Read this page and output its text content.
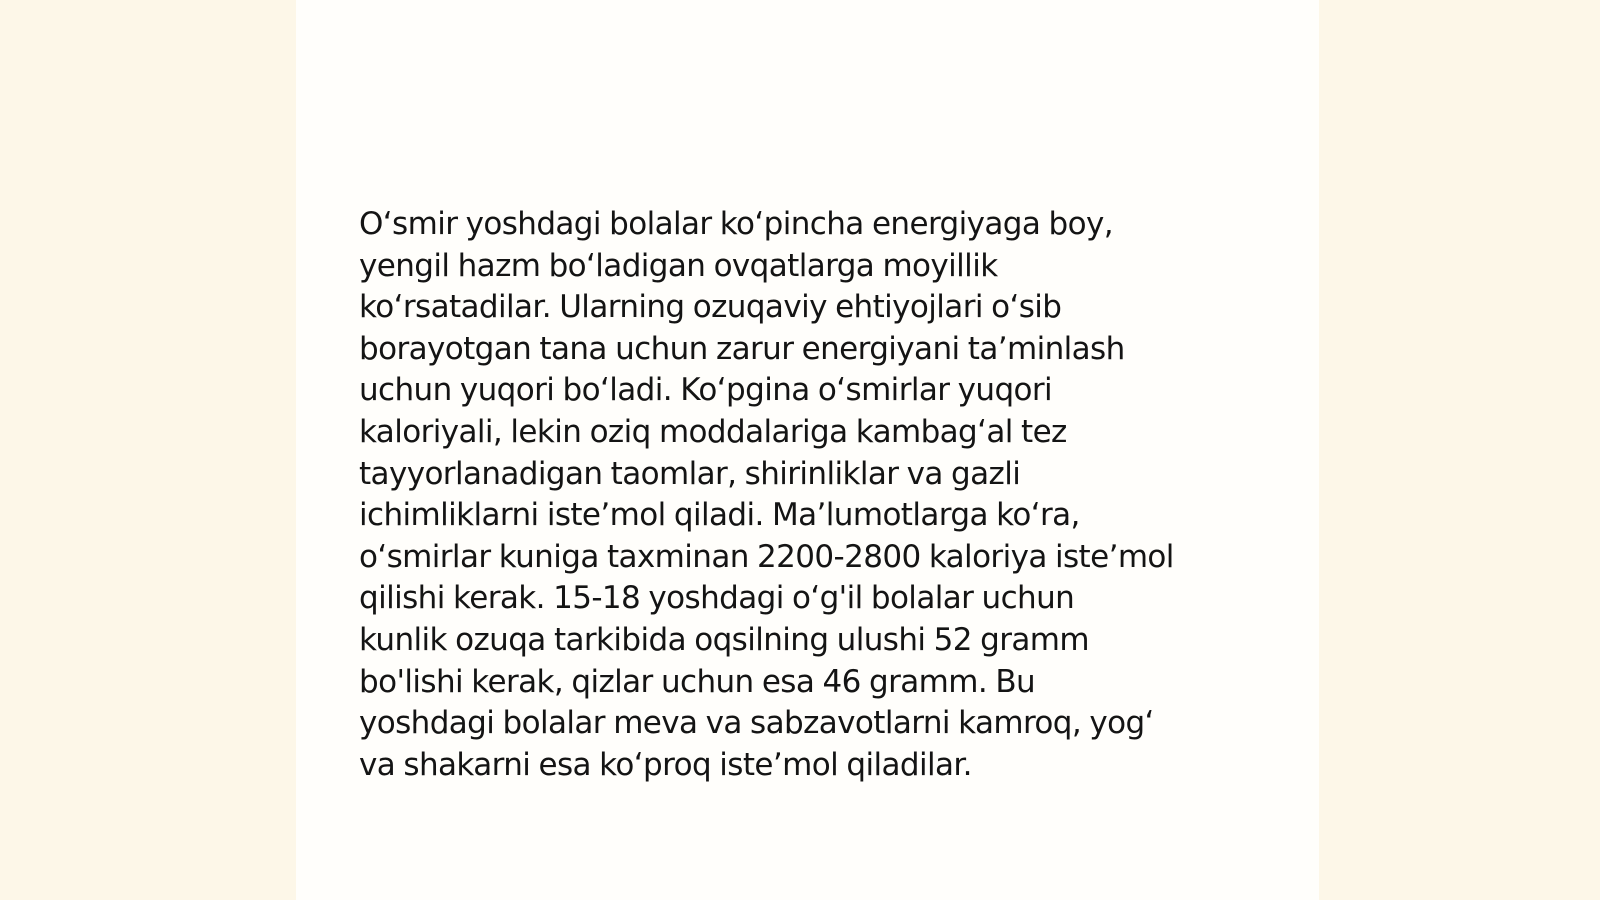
O‘smir yoshdagi bolalar ko‘pincha energiyaga boy,
yengil hazm bo‘ladigan ovqatlarga moyillik
ko‘rsatadilar. Ularning ozuqaviy ehtiyojlari o‘sib
borayotgan tana uchun zarur energiyani ta’minlash
uchun yuqori bo‘ladi. Ko‘pgina o‘smirlar yuqori
kaloriyali, lekin oziq moddalariga kambag‘al tez
tayyorlanadigan taomlar, shirinliklar va gazli
ichimliklarni iste’mol qiladi. Ma’lumotlarga ko‘ra,
o‘smirlar kuniga taxminan 2200-2800 kaloriya iste’mol
qilishi kerak. 15-18 yoshdagi o‘g'il bolalar uchun
kunlik ozuqa tarkibida oqsilning ulushi 52 gramm
bo'lishi kerak, qizlar uchun esa 46 gramm. Bu
yoshdagi bolalar meva va sabzavotlarni kamroq, yog‘
va shakarni esa ko‘proq iste’mol qiladilar.
